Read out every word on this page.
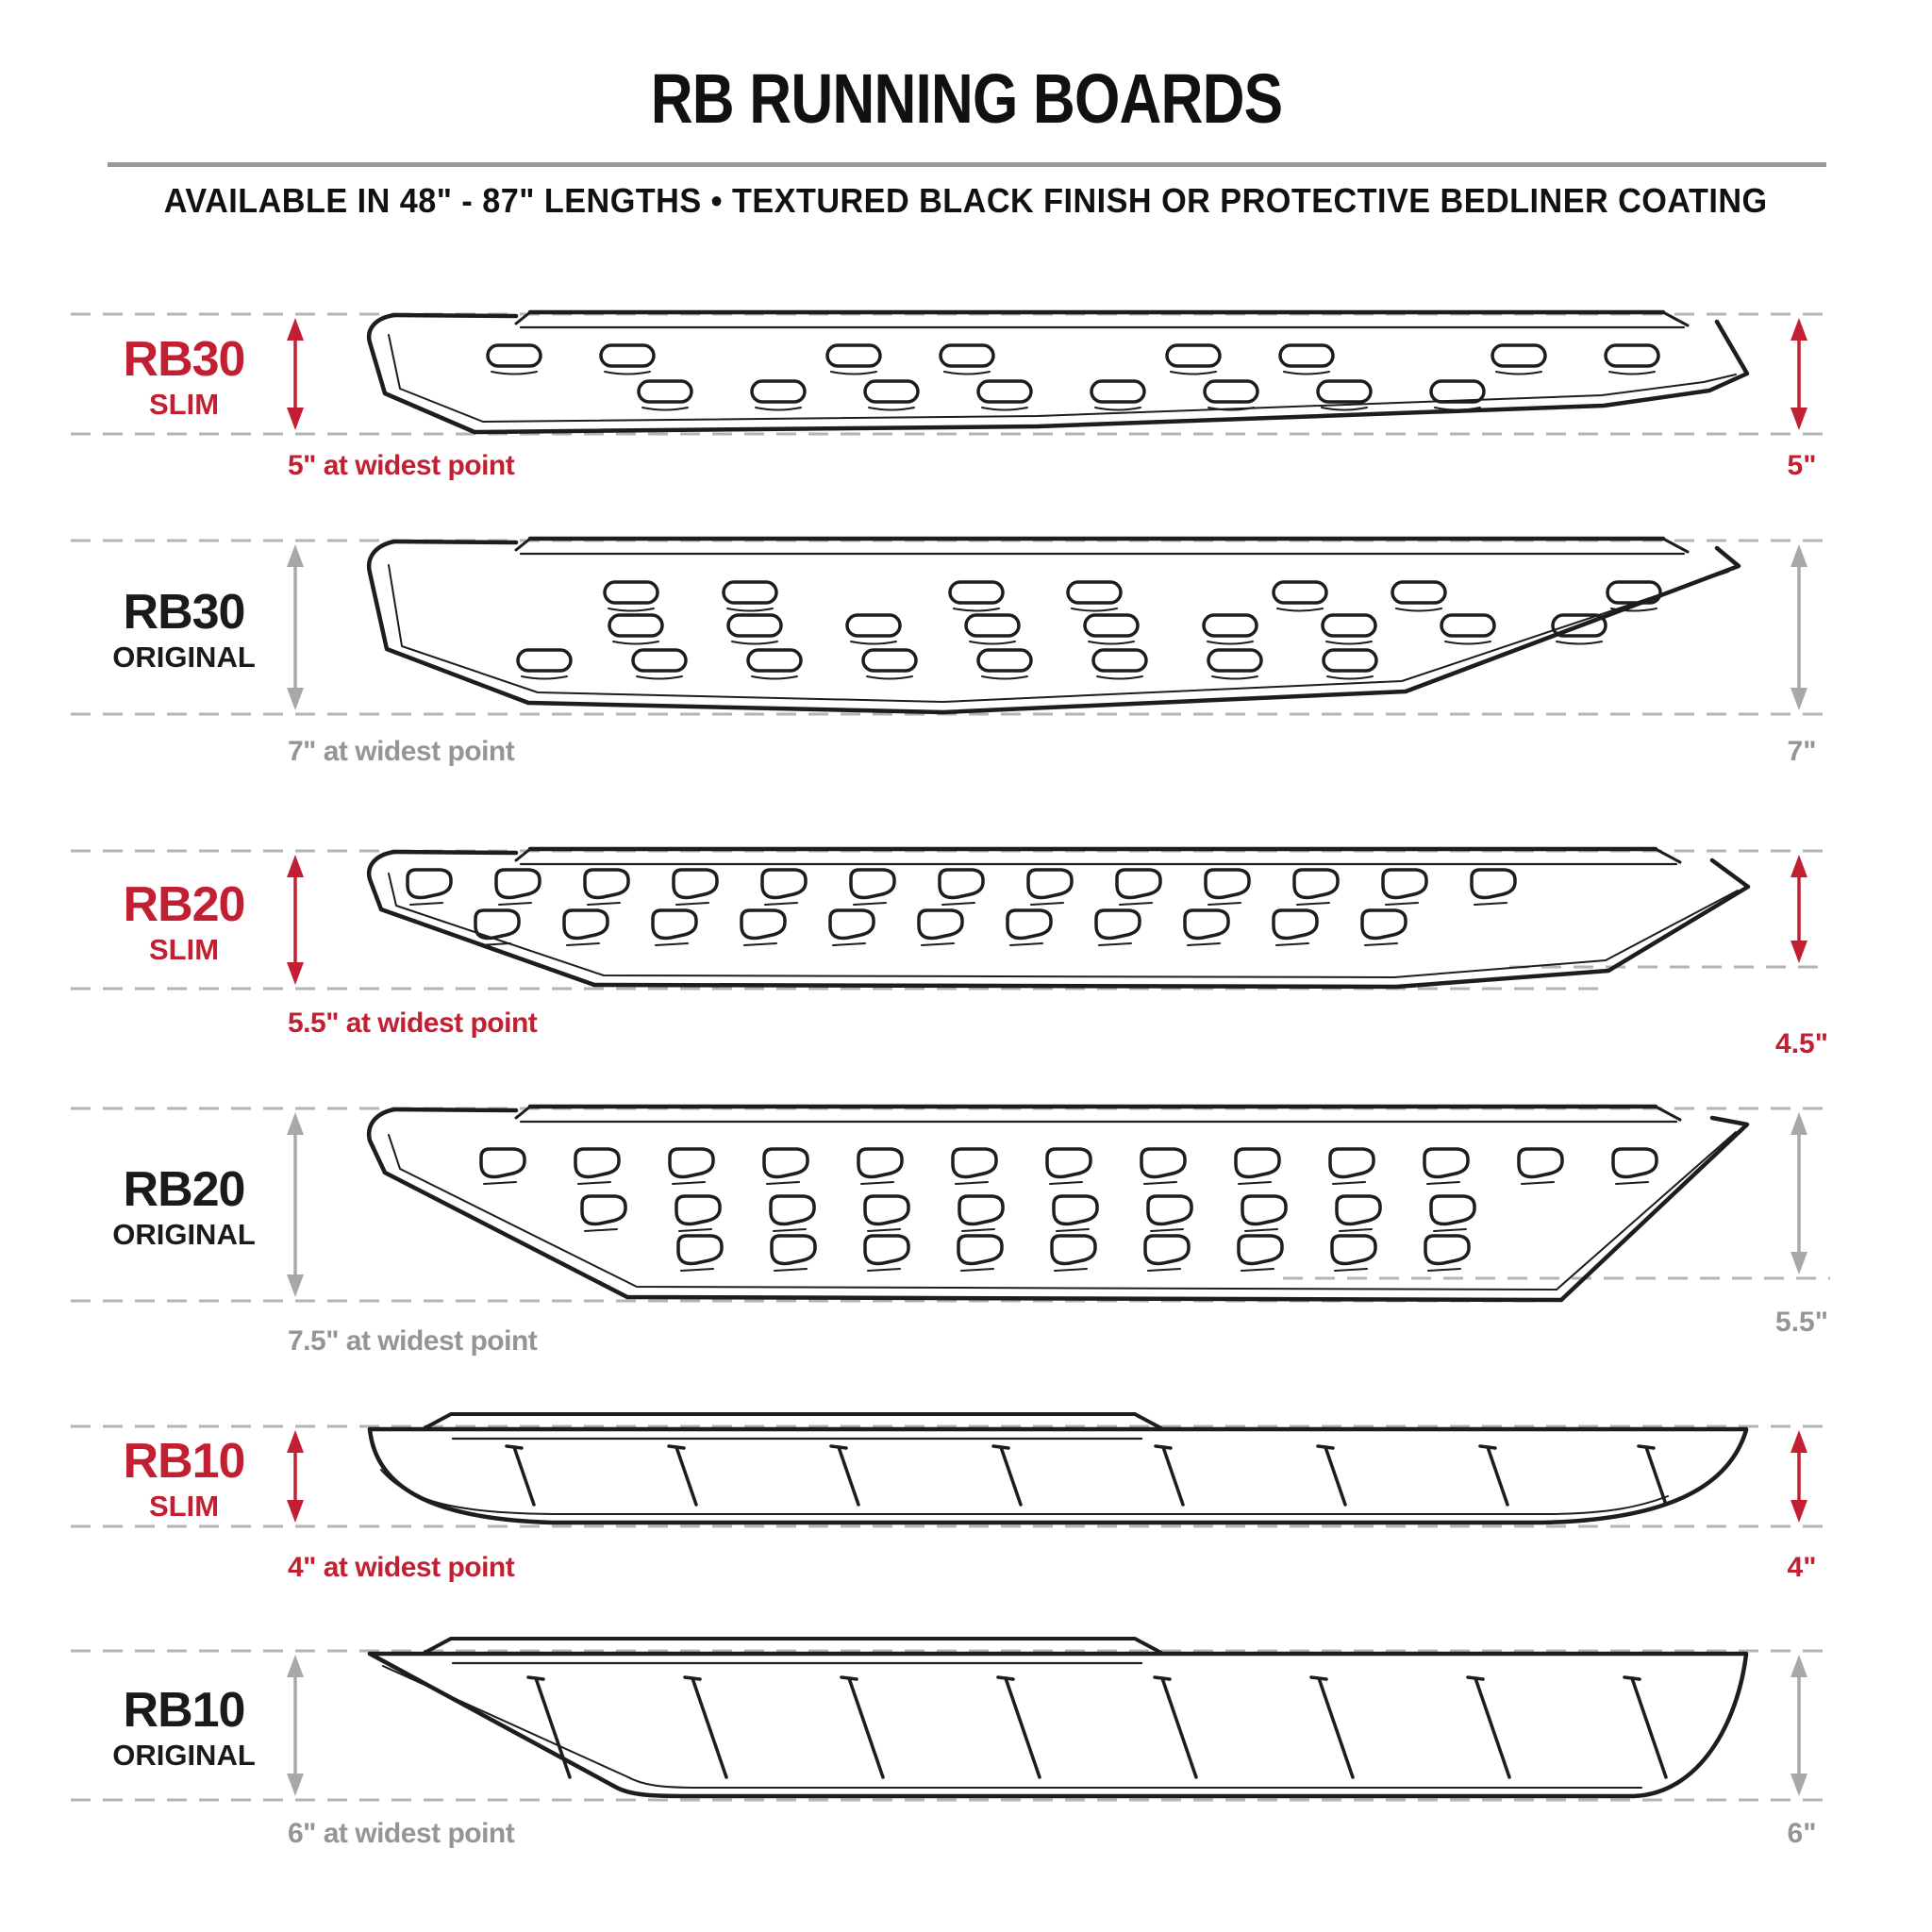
RB RUNNING BOARDS
AVAILABLE IN 48" - 87" LENGTHS • TEXTURED BLACK FINISH OR PROTECTIVE BEDLINER COATING
RB30
SLIM
5" at widest point	5"
RB30
ORIGINAL
7" at widest point	7"
RB20
SLIM
5.5" at widest point
4.5"
RB20
ORIGINAL
7.5" at widest point
5.5"
RB10
SLIM
4" at widest point	4"
RB10
ORIGINAL
6" at widest point	6"
